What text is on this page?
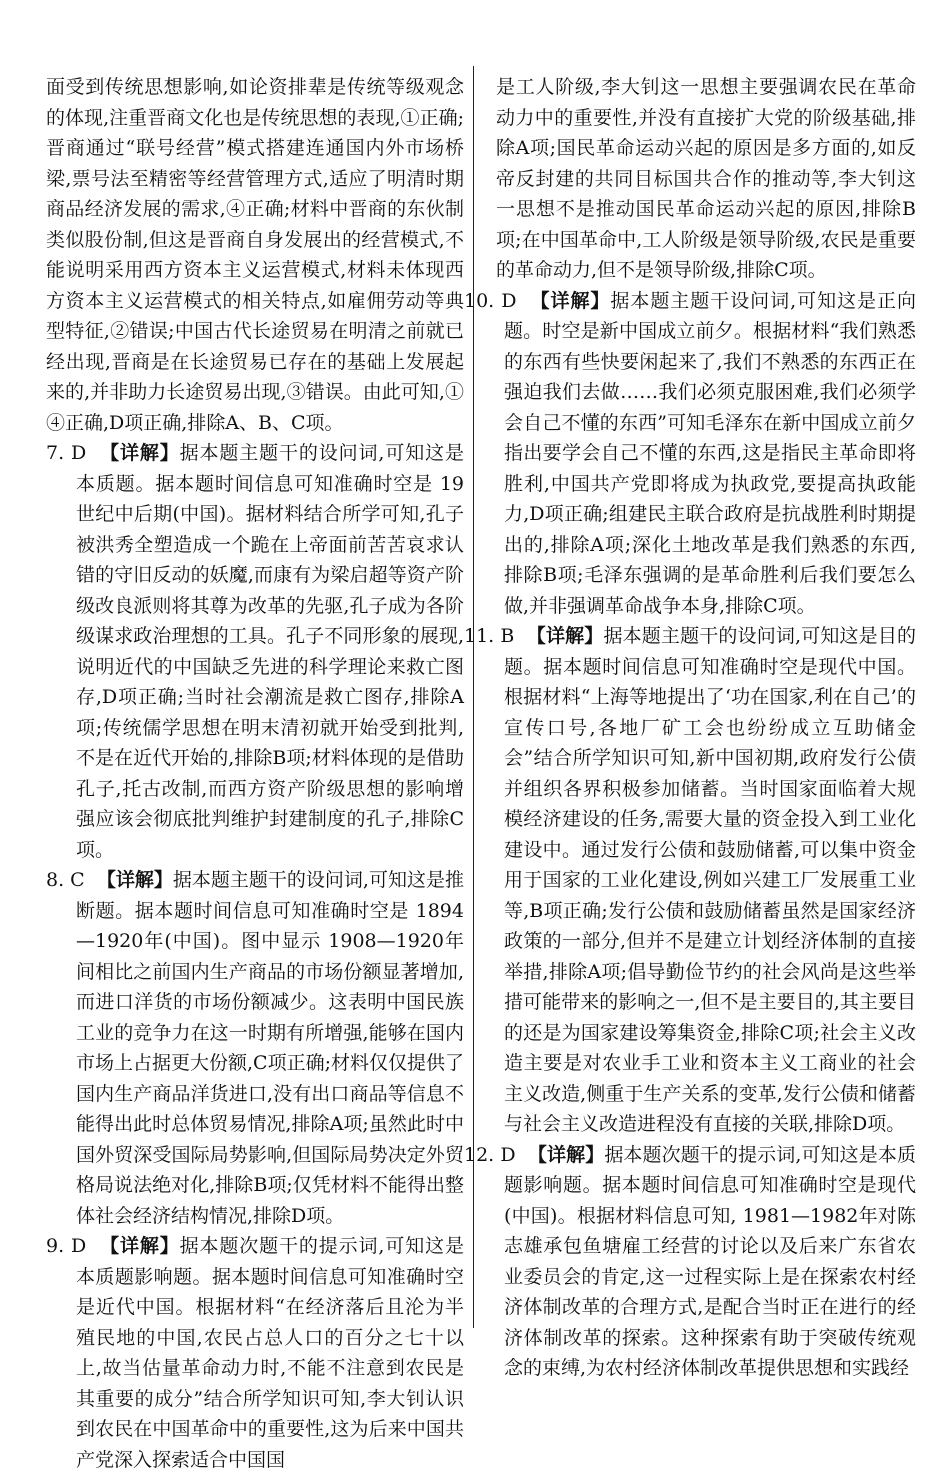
面受到传统思想影响,如论资排辈是传统等级观念的体现,注重晋商文化也是传统思想的表现,①正确;晋商通过“联号经营”模式搭建连通国内外市场桥梁,票号法至精密等经营管理方式,适应了明清时期商品经济发展的需求,④正确;材料中晋商的东伙制类似股份制,但这是晋商自身发展出的经营模式,不能说明采用西方资本主义运营模式,材料未体现西方资本主义运营模式的相关特点,如雇佣劳动等典型特征,②错误;中国古代长途贸易在明清之前就已经出现,晋商是在长途贸易已存在的基础上发展起来的,并非助力长途贸易出现,③错误。由此可知,①④正确,D项正确,排除A、B、C项。

7. D 【详解】据本题主题干的设问词,可知这是本质题。据本题时间信息可知准确时空是 19世纪中后期(中国)。据材料结合所学可知,孔子被洪秀全塑造成一个跪在上帝面前苦苦哀求认错的守旧反动的妖魔,而康有为梁启超等资产阶级改良派则将其尊为改革的先驱,孔子成为各阶级谋求政治理想的工具。孔子不同形象的展现,说明近代的中国缺乏先进的科学理论来救亡图存,D项正确;当时社会潮流是救亡图存,排除A项;传统儒学思想在明末清初就开始受到批判,不是在近代开始的,排除B项;材料体现的是借助孔子,托古改制,而西方资产阶级思想的影响增强应该会彻底批判维护封建制度的孔子,排除C项。
8. C 【详解】据本题主题干的设问词,可知这是推断题。据本题时间信息可知准确时空是 1894—1920年(中国)。图中显示 1908—1920年间相比之前国内生产商品的市场份额显著增加,而进口洋货的市场份额减少。这表明中国民族工业的竞争力在这一时期有所增强,能够在国内市场上占据更大份额,C项正确;材料仅仅提供了国内生产商品洋货进口,没有出口商品等信息不能得出此时总体贸易情况,排除A项;虽然此时中国外贸深受国际局势影响,但国际局势决定外贸格局说法绝对化,排除B项;仅凭材料不能得出整体社会经济结构情况,排除D项。
9. D 【详解】据本题次题干的提示词,可知这是本质题影响题。据本题时间信息可知准确时空是近代中国。根据材料“在经济落后且沦为半殖民地的中国,农民占总人口的百分之七十以上,故当估量革命动力时,不能不注意到农民是其重要的成分”结合所学知识可知,李大钊认识到农民在中国革命中的重要性,这为后来中国共产党深入探索适合中国国

是工人阶级,李大钊这一思想主要强调农民在革命动力中的重要性,并没有直接扩大党的阶级基础,排除A项;国民革命运动兴起的原因是多方面的,如反帝反封建的共同目标国共合作的推动等,李大钊这一思想不是推动国民革命运动兴起的原因,排除B项;在中国革命中,工人阶级是领导阶级,农民是重要的革命动力,但不是领导阶级,排除C项。

10. D 【详解】据本题主题干设问词,可知这是正向题。时空是新中国成立前夕。根据材料“我们熟悉的东西有些快要闲起来了,我们不熟悉的东西正在强迫我们去做……我们必须克服困难,我们必须学会自己不懂的东西”可知毛泽东在新中国成立前夕指出要学会自己不懂的东西,这是指民主革命即将胜利,中国共产党即将成为执政党,要提高执政能力,D项正确;组建民主联合政府是抗战胜利时期提出的,排除A项;深化土地改革是我们熟悉的东西,排除B项;毛泽东强调的是革命胜利后我们要怎么做,并非强调革命战争本身,排除C项。
11. B 【详解】据本题主题干的设问词,可知这是目的题。据本题时间信息可知准确时空是现代中国。根据材料“上海等地提出了‘功在国家,利在自己’的宣传口号,各地厂矿工会也纷纷成立互助储金会”结合所学知识可知,新中国初期,政府发行公债并组织各界积极参加储蓄。当时国家面临着大规模经济建设的任务,需要大量的资金投入到工业化建设中。通过发行公债和鼓励储蓄,可以集中资金用于国家的工业化建设,例如兴建工厂发展重工业等,B项正确;发行公债和鼓励储蓄虽然是国家经济政策的一部分,但并不是建立计划经济体制的直接举措,排除A项;倡导勤俭节约的社会风尚是这些举措可能带来的影响之一,但不是主要目的,其主要目的还是为国家建设筹集资金,排除C项;社会主义改造主要是对农业手工业和资本主义工商业的社会主义改造,侧重于生产关系的变革,发行公债和储蓄与社会主义改造进程没有直接的关联,排除D项。
12. D 【详解】据本题次题干的提示词,可知这是本质题影响题。据本题时间信息可知准确时空是现代(中国)。根据材料信息可知, 1981—1982年对陈志雄承包鱼塘雇工经营的讨论以及后来广东省农业委员会的肯定,这一过程实际上是在探索农村经济体制改革的合理方式,是配合当时正在进行的经济体制改革的探索。这种探索有助于突破传统观念的束缚,为农村经济体制改革提供思想和实践经
